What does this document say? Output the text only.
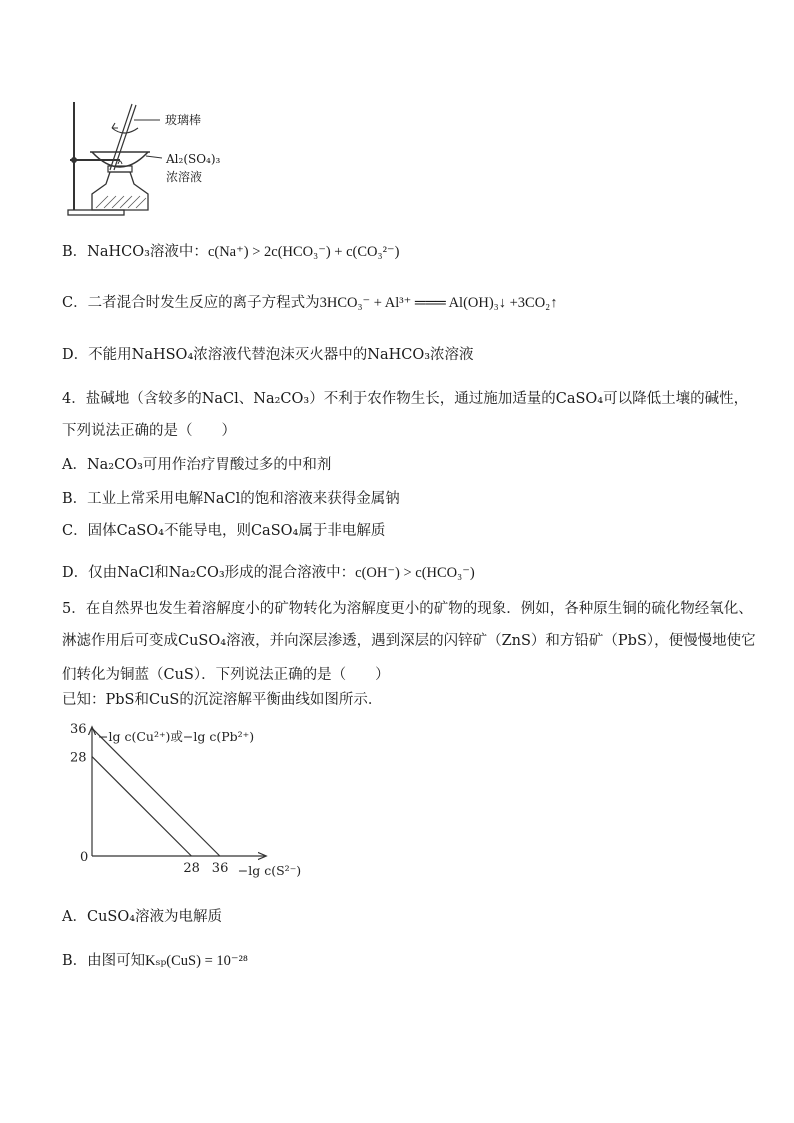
玻璃棒
Al₂(SO₄)₃
浓溶液
B．NaHCO₃溶液中：c(Na⁺) > 2c(HCO₃⁻) + c(CO₃²⁻)
C．二者混合时发生反应的离子方程式为3HCO₃⁻ + Al³⁺ ═══ Al(OH)₃↓ +3CO₂↑
D．不能用NaHSO₄浓溶液代替泡沫灭火器中的NaHCO₃浓溶液
4．盐碱地（含较多的NaCl、Na₂CO₃）不利于农作物生长，通过施加适量的CaSO₄可以降低土壤的碱性，
下列说法正确的是（　　）
A．Na₂CO₃可用作治疗胃酸过多的中和剂
B．工业上常采用电解NaCl的饱和溶液来获得金属钠
C．固体CaSO₄不能导电，则CaSO₄属于非电解质
D．仅由NaCl和Na₂CO₃形成的混合溶液中：c(OH⁻) > c(HCO₃⁻)
5．在自然界也发生着溶解度小的矿物转化为溶解度更小的矿物的现象．例如，各种原生铜的硫化物经氧化、
淋滤作用后可变成CuSO₄溶液，并向深层渗透，遇到深层的闪锌矿（ZnS）和方铅矿（PbS），便慢慢地使它
们转化为铜蓝（CuS）．下列说法正确的是（　　）
已知：PbS和CuS的沉淀溶解平衡曲线如图所示．
36
28
28 36
−lg c(Cu²⁺)或−lg c(Pb²⁺)
−lg c(S²⁻)
0
A．CuSO₄溶液为电解质
B．由图可知Kₛₚ(CuS) = 10⁻²⁸
